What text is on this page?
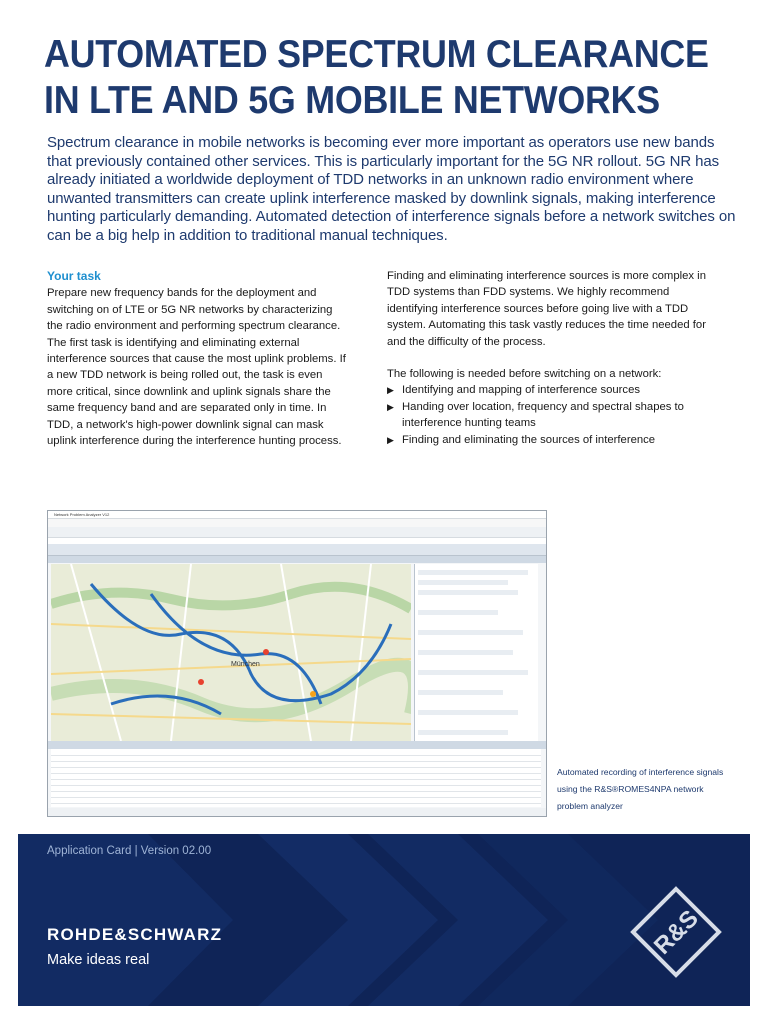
AUTOMATED SPECTRUM CLEARANCE
IN LTE AND 5G MOBILE NETWORKS

Spectrum clearance in mobile networks is becoming ever more important as operators use new bands that previously contained other services. This is particularly important for the 5G NR rollout. 5G NR has already initiated a worldwide deployment of TDD networks in an unknown radio environment where unwanted transmitters can create uplink interference masked by downlink signals, making interference hunting particularly demanding. Automated detection of interference signals before a network switches on can be a big help in addition to traditional manual techniques.

Your task

Prepare new frequency bands for the deployment and switching on of LTE or 5G NR networks by characterizing the radio environment and performing spectrum clearance. The first task is identifying and eliminating external interference sources that cause the most uplink problems. If a new TDD network is being rolled out, the task is even more critical, since downlink and uplink signals share the same frequency band and are separated only in time. In TDD, a network's high-power downlink signal can mask uplink interference during the interference hunting process.

Finding and eliminating interference sources is more complex in TDD systems than FDD systems. We highly recommend identifying interference sources before going live with a TDD system. Automating this task vastly reduces the time needed for and the difficulty of the process.

The following is needed before switching on a network:
▶ Identifying and mapping of interference sources
▶ Handing over location, frequency and spectral shapes to interference hunting teams
▶ Finding and eliminating the sources of interference
Network Problem Analyzer V12
München

Automated recording of interference signals using the R&S®ROMES4NPA network problem analyzer

Application Card | Version 02.00
ROHDE&SCHWARZ
Make ideas real
R&S
